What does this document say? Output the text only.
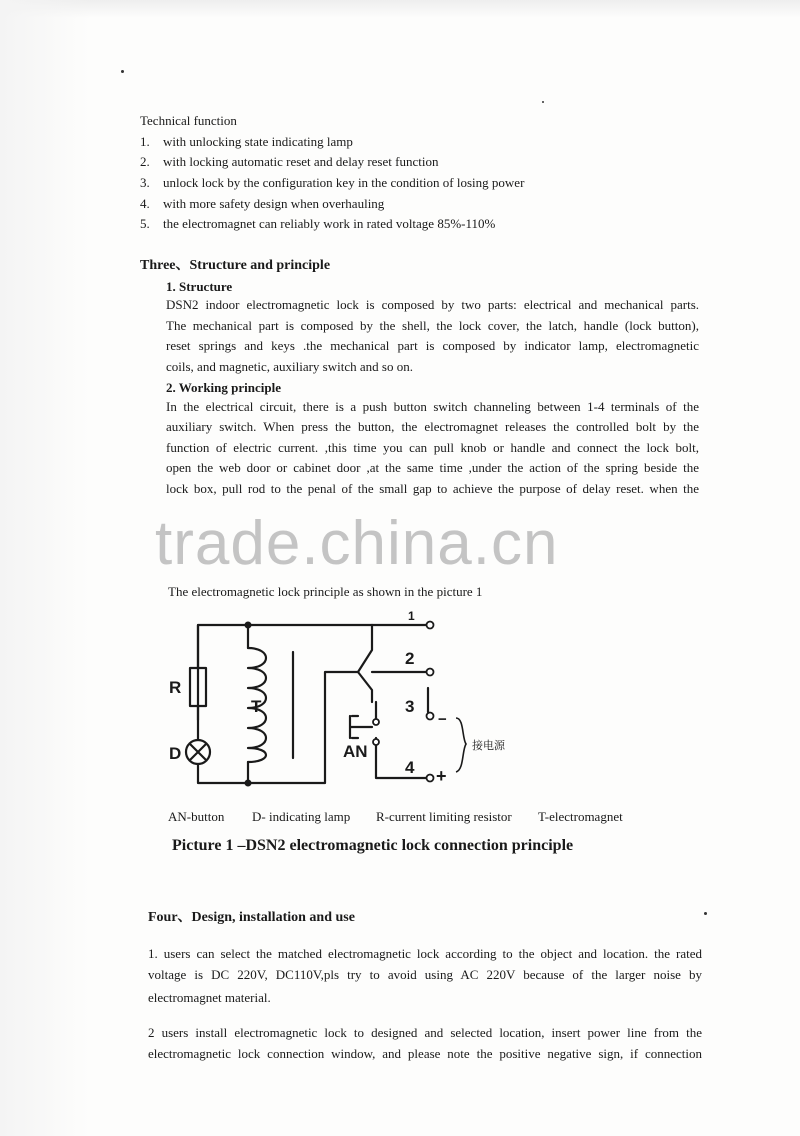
Technical function
1. with unlocking state indicating lamp
2. with locking automatic reset and delay reset function
3. unlock lock by the configuration key in the condition of losing power
4. with more safety design when overhauling
5. the electromagnet can reliably work in rated voltage 85%-110%
Three、Structure and principle
1. Structure
DSN2 indoor electromagnetic lock is composed by two parts: electrical and mechanical parts.
The mechanical part is composed by the shell, the lock cover, the latch, handle (lock button),
reset springs and keys .the mechanical part is composed by indicator lamp, electromagnetic
coils, and magnetic, auxiliary switch and so on.
2. Working principle
In the electrical circuit, there is a push button switch channeling between 1-4 terminals of the
auxiliary switch. When press the button, the electromagnet releases the controlled bolt by the
function of electric current. ,this time you can pull knob or handle and connect the lock bolt,
open the web door or cabinet door ,at the same time ,under the action of the spring beside the
lock box, pull rod to the penal of the small gap to achieve the purpose of delay reset. when the
trade.china.cn
The electromagnetic lock principle as shown in the picture 1
R
T
D	AN
1
2
3
4
−
+
接电源
AN-button D- indicating lamp R-current limiting resistor T-electromagnet
Picture 1 –DSN2 electromagnetic lock connection principle
Four、Design, installation and use
1. users can select the matched electromagnetic lock according to the object and location. the rated
voltage is DC 220V, DC110V,pls try to avoid using AC 220V because of the larger noise by
electromagnet material.
2 users install electromagnetic lock to designed and selected location, insert power line from the
electromagnetic lock connection window, and please note the positive negative sign, if connection
